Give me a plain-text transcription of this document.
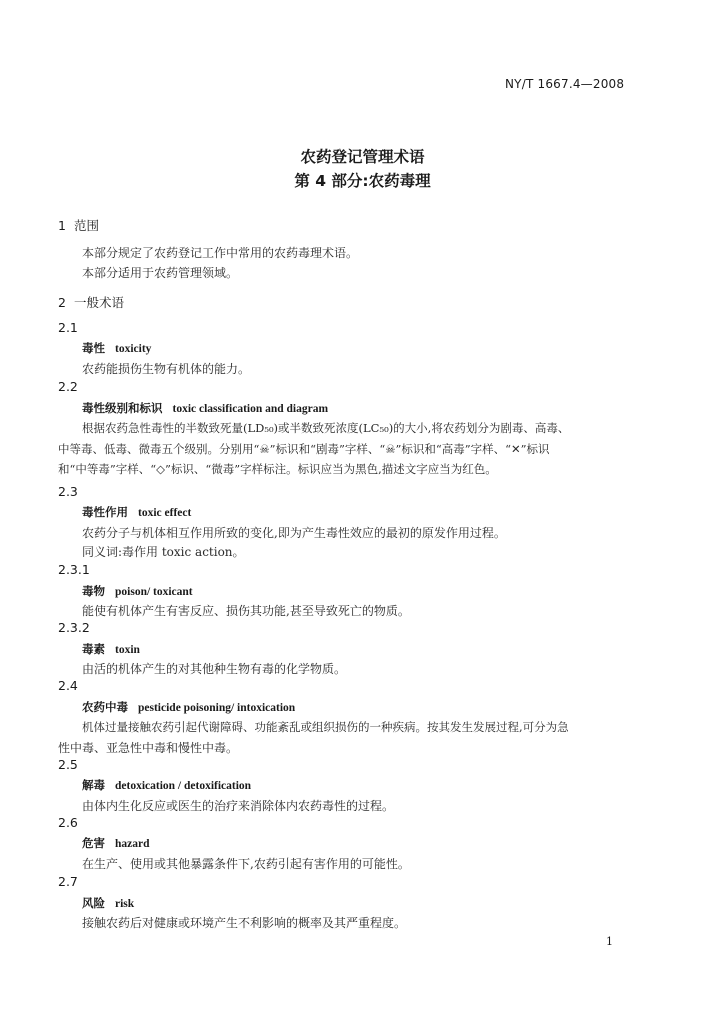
NY/T 1667.4—2008
农药登记管理术语
第 4 部分:农药毒理
1 范围
本部分规定了农药登记工作中常用的农药毒理术语。
本部分适用于农药管理领域。
2 一般术语
2.1
毒性 toxicity
农药能损伤生物有机体的能力。
2.2
毒性级别和标识 toxic classification and diagram
根据农药急性毒性的半数致死量(LD₅₀)或半数致死浓度(LC₅₀)的大小,将农药划分为剧毒、高毒、
中等毒、低毒、微毒五个级别。分别用“☠”标识和“剧毒”字样、“☠”标识和“高毒”字样、“✕”标识
和“中等毒”字样、“◇”标识、“微毒”字样标注。标识应当为黑色,描述文字应当为红色。
2.3
毒性作用 toxic effect
农药分子与机体相互作用所致的变化,即为产生毒性效应的最初的原发作用过程。
同义词:毒作用 toxic action。
2.3.1
毒物 poison/ toxicant
能使有机体产生有害反应、损伤其功能,甚至导致死亡的物质。
2.3.2
毒素 toxin
由活的机体产生的对其他种生物有毒的化学物质。
2.4
农药中毒 pesticide poisoning/ intoxication
机体过量接触农药引起代谢障碍、功能紊乱或组织损伤的一种疾病。按其发生发展过程,可分为急
性中毒、亚急性中毒和慢性中毒。
2.5
解毒 detoxication / detoxification
由体内生化反应或医生的治疗来消除体内农药毒性的过程。
2.6
危害 hazard
在生产、使用或其他暴露条件下,农药引起有害作用的可能性。
2.7
风险 risk
接触农药后对健康或环境产生不利影响的概率及其严重程度。
1
